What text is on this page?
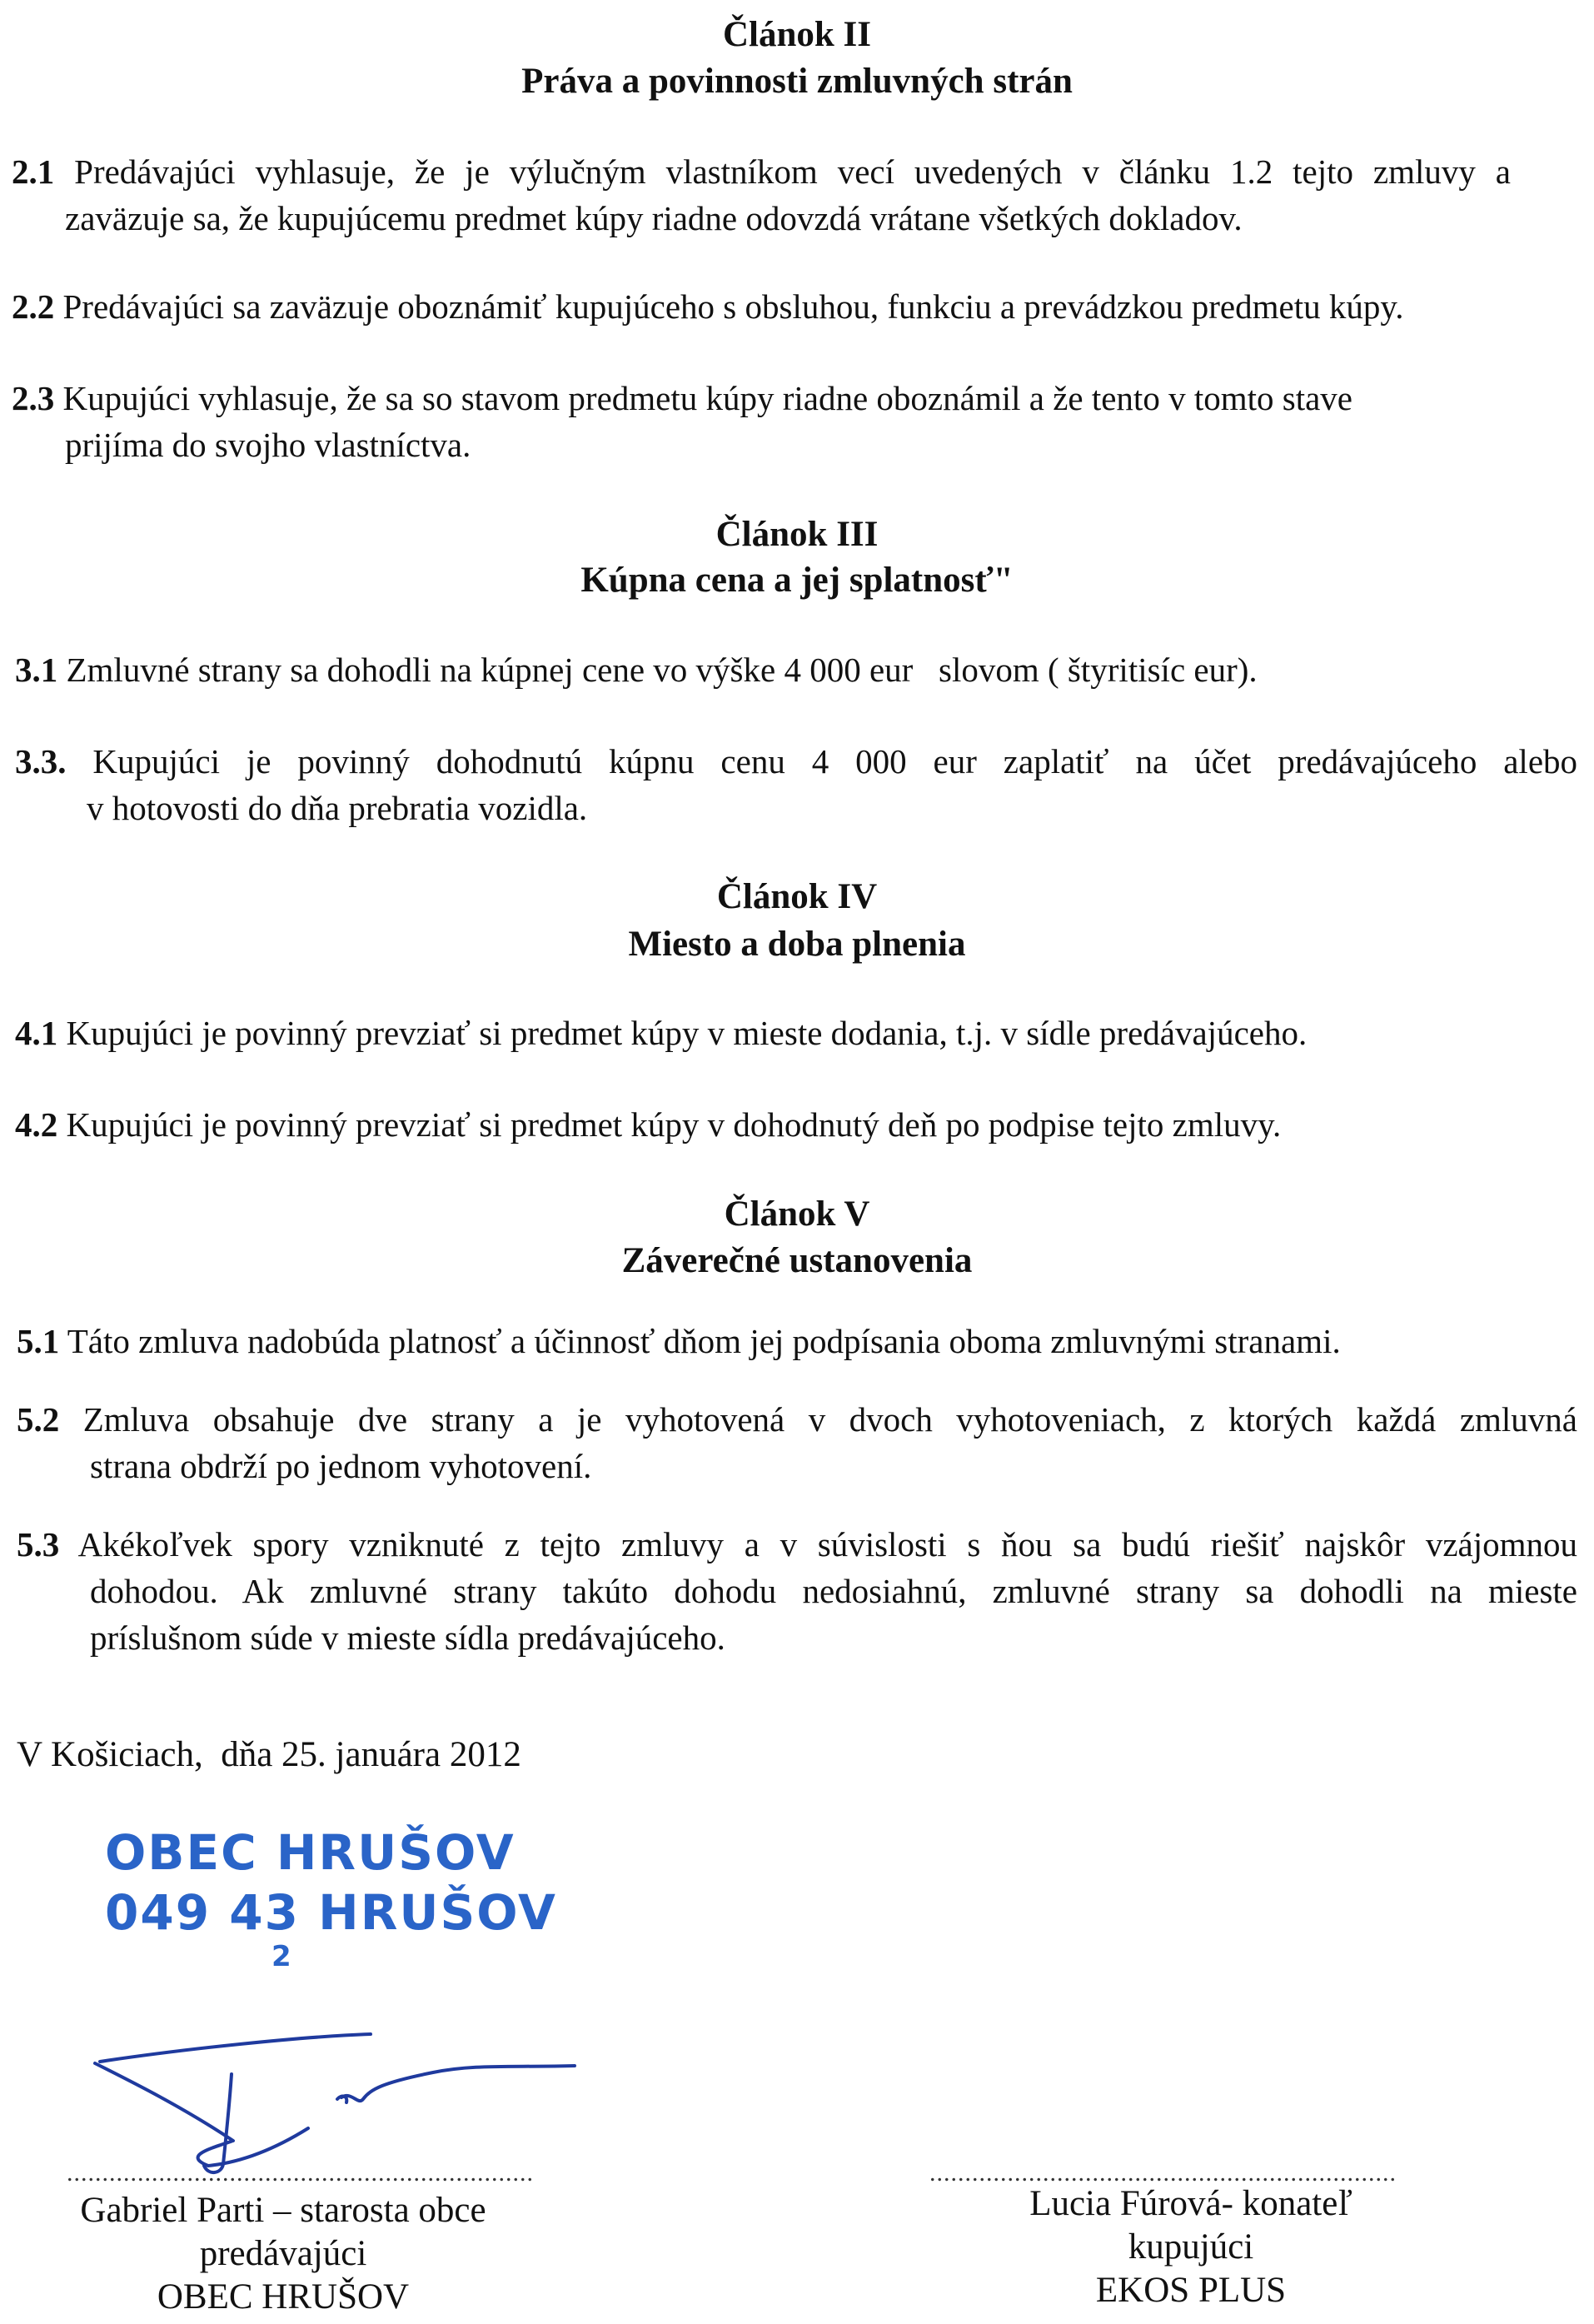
Článok II
Práva a povinnosti zmluvných strán
2.1 Predávajúci vyhlasuje, že je výlučným vlastníkom vecí uvedených v článku 1.2 tejto zmluvy a
zaväzuje sa, že kupujúcemu predmet kúpy riadne odovzdá vrátane všetkých dokladov.
2.2 Predávajúci sa zaväzuje oboznámiť kupujúceho s obsluhou, funkciu a prevádzkou predmetu kúpy.
2.3 Kupujúci vyhlasuje, že sa so stavom predmetu kúpy riadne oboznámil a že tento v tomto stave
prijíma do svojho vlastníctva.
Článok III
Kúpna cena a jej splatnosť"
3.1 Zmluvné strany sa dohodli na kúpnej cene vo výške 4 000 eur   slovom ( štyritisíc eur).
3.3. Kupujúci je povinný dohodnutú kúpnu cenu 4 000 eur zaplatiť na účet predávajúceho alebo
v hotovosti do dňa prebratia vozidla.
Článok IV
Miesto a doba plnenia
4.1 Kupujúci je povinný prevziať si predmet kúpy v mieste dodania, t.j. v sídle predávajúceho.
4.2 Kupujúci je povinný prevziať si predmet kúpy v dohodnutý deň po podpise tejto zmluvy.
Článok V
Záverečné ustanovenia
5.1 Táto zmluva nadobúda platnosť a účinnosť dňom jej podpísania oboma zmluvnými stranami.
5.2 Zmluva obsahuje dve strany a je vyhotovená v dvoch vyhotoveniach, z ktorých každá zmluvná
strana obdrží po jednom vyhotovení.
5.3 Akékoľvek spory vzniknuté z tejto zmluvy a v súvislosti s ňou sa budú riešiť najskôr vzájomnou
dohodou. Ak zmluvné strany takúto dohodu nedosiahnú, zmluvné strany sa dohodli na mieste
príslušnom súde v mieste sídla predávajúceho.
V Košiciach,  dňa 25. januára 2012
OBEC HRUŠOV
049 43 HRUŠOV
2
..................................................................	..................................................................
Gabriel Parti – starosta obce
predávajúci
OBEC HRUŠOV
Lucia Fúrová- konateľ
kupujúci
EKOS PLUS
